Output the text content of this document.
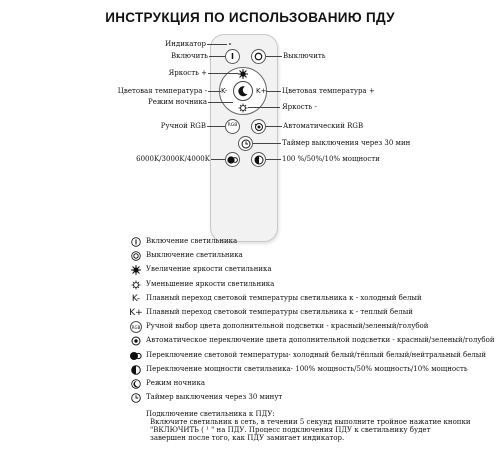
ИНСТРУКЦИЯ ПО ИСПОЛЬЗОВАНИЮ ПДУ
I
K-	K+
RGB
Индикатор
Включить	Выключить
Яркость +
Цветовая температура -	Цветовая температура +
Режим ночника
Яркость -
Ручной RGB	Автоматический RGB
Таймер выключения через 30 мин
6000K/3000K/4000K	100 %/50%/10% мощности
Включение светильника
Выключение светильника
Увеличение яркости светильника
Уменьшение яркости светильника
K- Плавный переход световой температуры светильника к - холодный белый
K+ Плавный переход световой температуры светильника к - теплый белый
RGB Ручной выбор цвета дополнительной подсветки - красный/зеленый/голубой
Автоматическое переключение цвета дополнительной подсветки - красный/зеленый/голубой
Переключение световой температуры- холодный белый/тёплый белый/нейтральный белый
Переключение мощности светильника- 100% мощность/50% мощность/10% мощность
Режим ночника
Таймер выключения через 30 минут
Подключение светильника к ПДУ:
Включите светильник в сеть, в течении 5 секунд выполните тройное нажатие кнопки
"ВКЛЮЧИТЬ ( ¹ " на ПДУ. Процесс подключения ПДУ к светильнику будет
завершен после того, как ПДУ замигает индикатор.
